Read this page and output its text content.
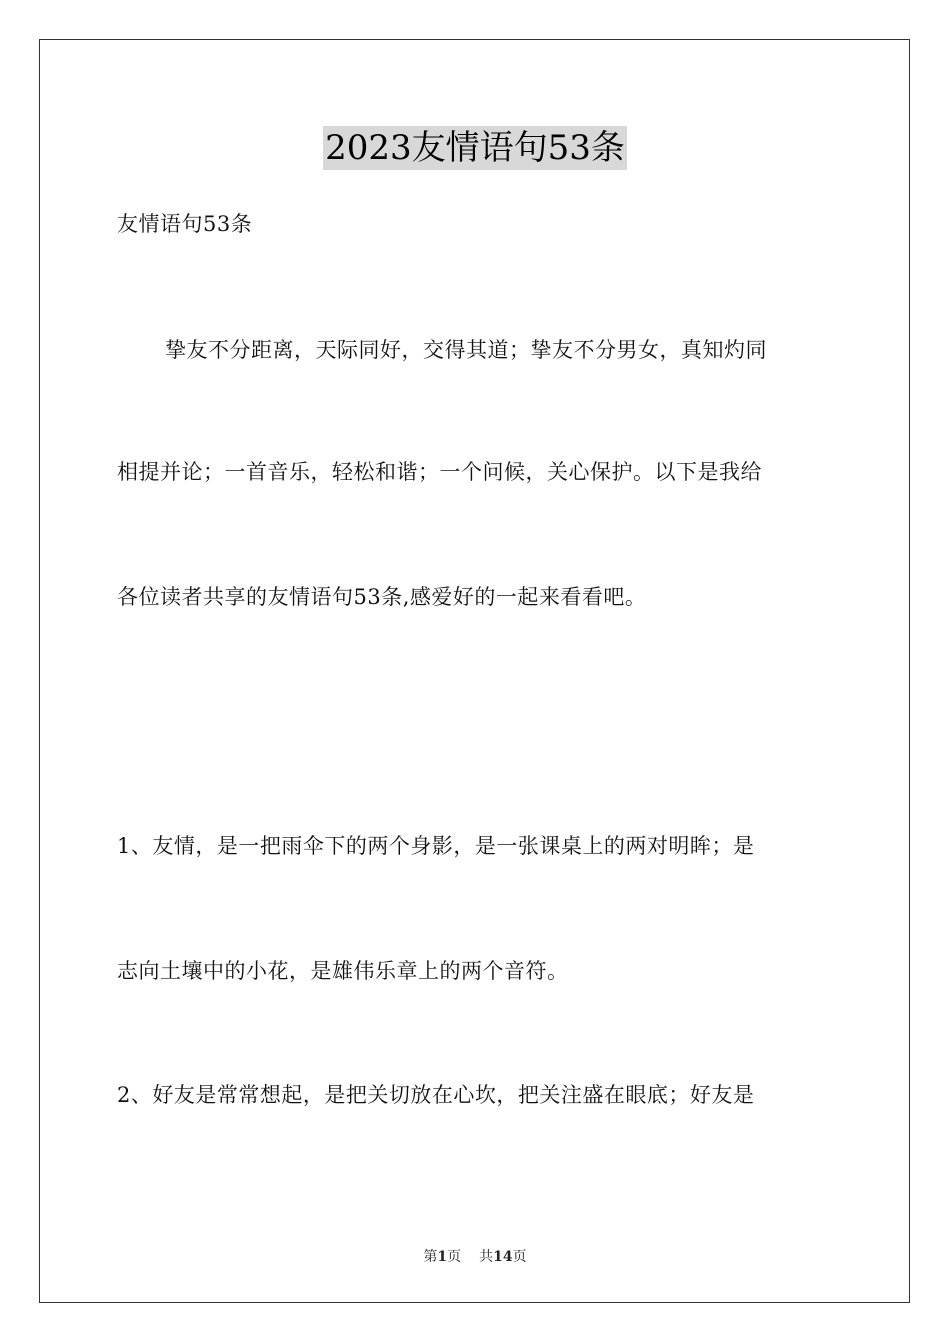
2023友情语句53条
友情语句53条
挚友不分距离，天际同好，交得其道；挚友不分男女，真知灼同
相提并论；一首音乐，轻松和谐；一个问候，关心保护。以下是我给
各位读者共享的友情语句53条,感爱好的一起来看看吧。
1、友情，是一把雨伞下的两个身影，是一张课桌上的两对明眸；是
志向土壤中的小花，是雄伟乐章上的两个音符。
2、好友是常常想起，是把关切放在心坎，把关注盛在眼底；好友是
第1页 共14页
